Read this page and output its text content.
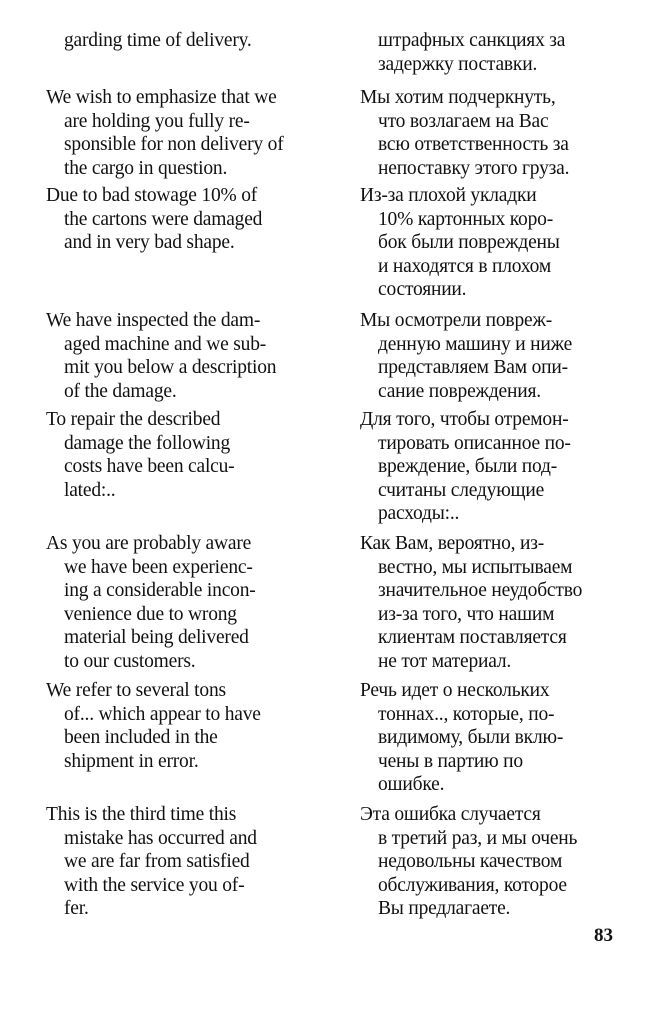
garding time of delivery.
We wish to emphasize that we
are holding you fully re-
sponsible for non delivery of
the cargo in question.
Due to bad stowage 10% of
the cartons were damaged
and in very bad shape.
We have inspected the dam-
aged machine and we sub-
mit you below a description
of the damage.
To repair the described
damage the following
costs have been calcu-
lated:..
As you are probably aware
we have been experienc-
ing a considerable incon-
venience due to wrong
material being delivered
to our customers.
We refer to several tons
of... which appear to have
been included in the
shipment in error.
This is the third time this
mistake has occurred and
we are far from satisfied
with the service you of-
fer.
штрафных санкциях за
задержку поставки.
Мы хотим подчеркнуть,
что возлагаем на Вас
всю ответственность за
непоставку этого груза.
Из-за плохой укладки
10% картонных коро-
бок были повреждены
и находятся в плохом
состоянии.
Мы осмотрели повреж-
денную машину и ниже
представляем Вам опи-
сание повреждения.
Для того, чтобы отремон-
тировать описанное по-
вреждение, были под-
считаны следующие
расходы:..
Как Вам, вероятно, из-
вестно, мы испытываем
значительное неудобство
из-за того, что нашим
клиентам поставляется
не тот материал.
Речь идет о нескольких
тоннах.., которые, по-
видимому, были вклю-
чены в партию по
ошибке.
Эта ошибка случается
в третий раз, и мы очень
недовольны качеством
обслуживания, которое
Вы предлагаете.
83
